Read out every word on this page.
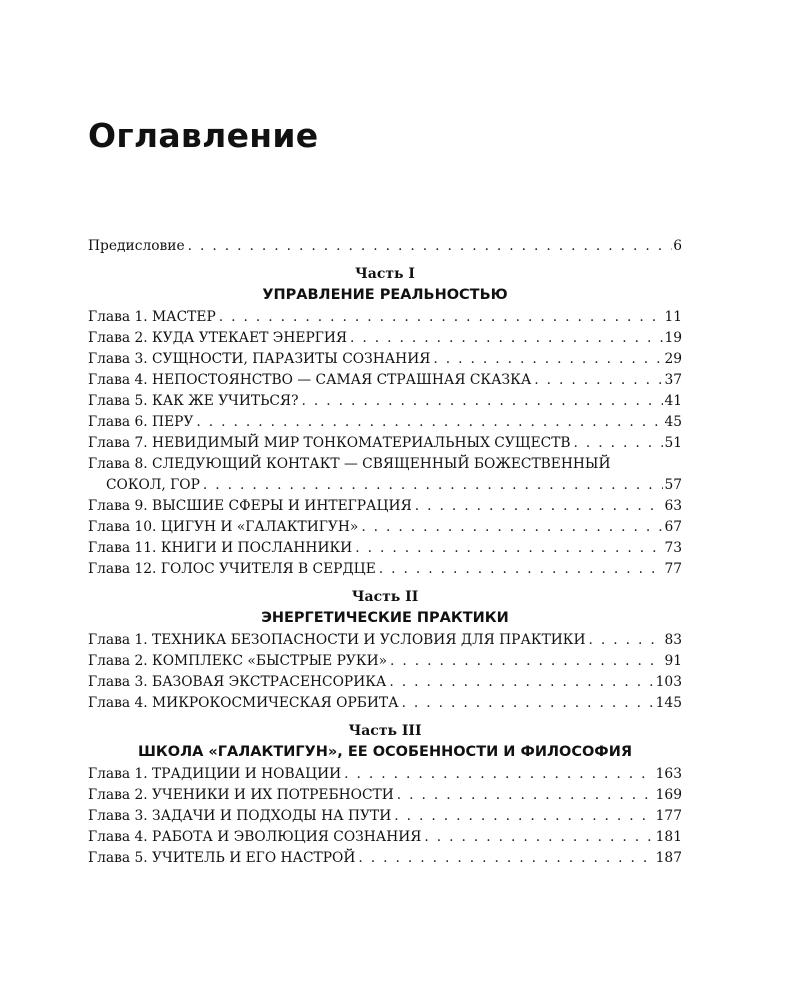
Оглавление
Предисловие . . .	6
Часть I
УПРАВЛЕНИЕ РЕАЛЬНОСТЬЮ
Глава 1. МАСТЕР . . .	11
Глава 2. КУДА УТЕКАЕТ ЭНЕРГИЯ . . .	19
Глава 3. СУЩНОСТИ, ПАРАЗИТЫ СОЗНАНИЯ . . .	29
Глава 4. НЕПОСТОЯНСТВО — САМАЯ СТРАШНАЯ СКАЗКА . . .	37
Глава 5. КАК ЖЕ УЧИТЬСЯ? . . .	41
Глава 6. ПЕРУ . . .	45
Глава 7. НЕВИДИМЫЙ МИР ТОНКОМАТЕРИАЛЬНЫХ СУЩЕСТВ . . .	51
Глава 8. СЛЕДУЮЩИЙ КОНТАКТ — СВЯЩЕННЫЙ БОЖЕСТВЕННЫЙ
СОКОЛ, ГОР . . .	57
Глава 9. ВЫСШИЕ СФЕРЫ И ИНТЕГРАЦИЯ . . .	63
Глава 10. ЦИГУН И «ГАЛАКТИГУН» . . .	67
Глава 11. КНИГИ И ПОСЛАННИКИ . . .	73
Глава 12. ГОЛОС УЧИТЕЛЯ В СЕРДЦЕ . . .	77
Часть II
ЭНЕРГЕТИЧЕСКИЕ ПРАКТИКИ
Глава 1. ТЕХНИКА БЕЗОПАСНОСТИ И УСЛОВИЯ ДЛЯ ПРАКТИКИ . . .	83
Глава 2. КОМПЛЕКС «БЫСТРЫЕ РУКИ» . . .	91
Глава 3. БАЗОВАЯ ЭКСТРАСЕНСОРИКА . . .	103
Глава 4. МИКРОКОСМИЧЕСКАЯ ОРБИТА . . .	145
Часть III
ШКОЛА «ГАЛАКТИГУН», ЕЕ ОСОБЕННОСТИ И ФИЛОСОФИЯ
Глава 1. ТРАДИЦИИ И НОВАЦИИ . . .	163
Глава 2. УЧЕНИКИ И ИХ ПОТРЕБНОСТИ . . .	169
Глава 3. ЗАДАЧИ И ПОДХОДЫ НА ПУТИ . . .	177
Глава 4. РАБОТА И ЭВОЛЮЦИЯ СОЗНАНИЯ . . .	181
Глава 5. УЧИТЕЛЬ И ЕГО НАСТРОЙ . . .	187
